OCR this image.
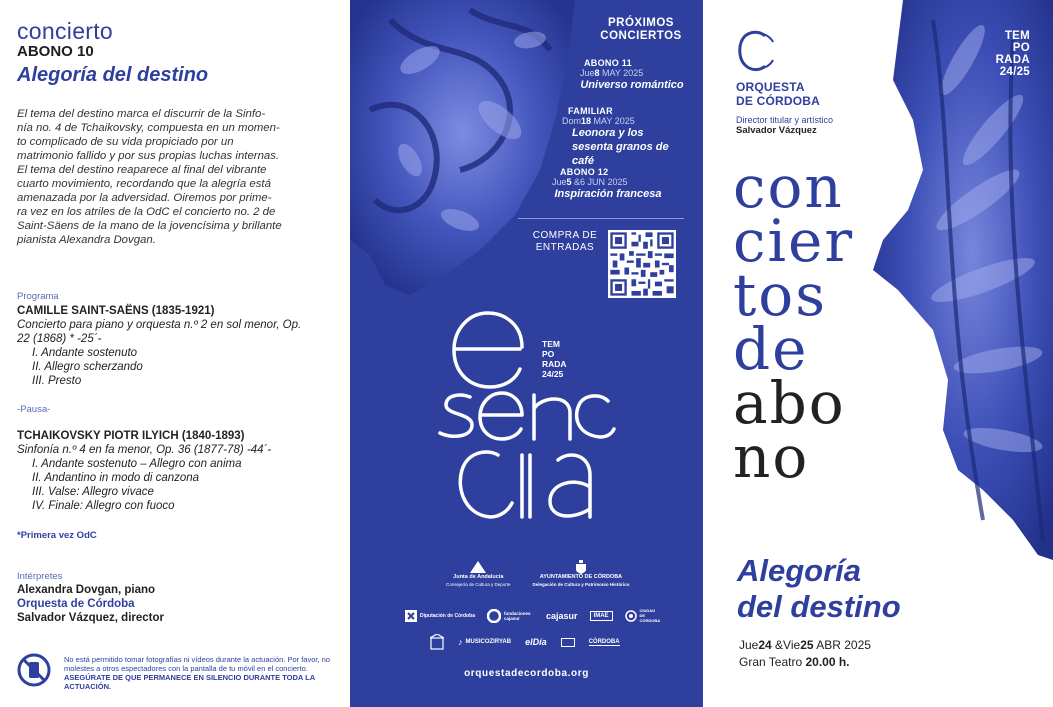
concierto
ABONO 10
Alegoría del destino
El tema del destino marca el discurrir de la Sinfo-
nía no. 4 de Tchaikovsky, compuesta en un momen-
to complicado de su vida propiciado por un
matrimonio fallido y por sus propias luchas internas.
El tema del destino reaparece al final del vibrante
cuarto movimiento, recordando que la alegría está
amenazada por la adversidad. Oiremos por prime-
ra vez en los atriles de la OdC el concierto no. 2 de
Saint-Säens de la mano de la jovencísima y brillante
pianista Alexandra Dovgan.
Programa
CAMILLE SAINT-SAËNS (1835-1921)
Concierto para piano y orquesta n.º 2 en sol menor, Op.
22 (1868) * -25´-
I. Andante sostenuto
II. Allegro scherzando
III. Presto
-Pausa-
TCHAIKOVSKY PIOTR ILYICH (1840-1893)
Sinfonía n.º 4 en fa menor, Op. 36 (1877-78) -44´-
I. Andante sostenuto – Allegro con anima
II. Andantino in modo di canzona
III. Valse: Allegro vivace
IV. Finale: Allegro con fuoco
*Primera vez OdC
Intérpretes
Alexandra Dovgan, piano
Orquesta de Córdoba
Salvador Vázquez, director
No está permitido tomar fotografías ni vídeos durante la actuación. Por favor, no molestes a otros espectadores con la pantalla de tu móvil en el concierto. ASEGÚRATE DE QUE PERMANECE EN SILENCIO DURANTE TODA LA ACTUACIÓN.
PRÓXIMOS
CONCIERTOS
ABONO 11
Jue8 MAY 2025
Universo romántico
FAMILIAR
Dom18 MAY 2025
Leonora y los sesenta granos de café
ABONO 12
Jue5 &6 JUN 2025
Inspiración francesa
COMPRA DE ENTRADAS
TEM
PO
RADA
24/25
Junta de Andalucía
Consejería de Cultura y Deporte
AYUNTAMIENTO DE CÓRDOBA
Delegación de Cultura y Patrimonio Histórico
Diputación de Córdoba	fundaciones cajasur	cajasur	IMAE
CIUDAD DE CÓRDOBA
♪ MUSICOZIRYAB elDía	CÓRDOBA
orquestadecordoba.org
TEM
PO
RADA
24/25
ORQUESTA
DE CÓRDOBA
Director titular y artístico
Salvador Vázquez
con
cier
tos
de
abo
no
Alegoría
del destino
Jue24 &Vie25 ABR 2025
Gran Teatro 20.00 h.
